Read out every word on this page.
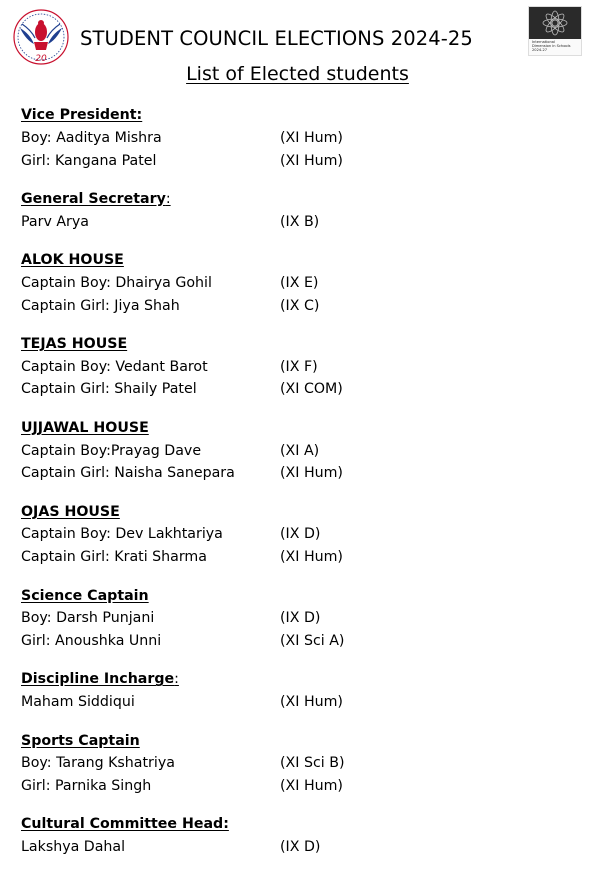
20
STUDENT COUNCIL ELECTIONS 2024-25	International
Dimension in Schools
2024-27
List of Elected students
Vice President:
Boy: Aaditya Mishra	(XI Hum)
Girl: Kangana Patel	(XI Hum)
General Secretary:
Parv Arya	(IX B)
ALOK HOUSE
Captain Boy: Dhairya Gohil	(IX E)
Captain Girl: Jiya Shah	(IX C)
TEJAS HOUSE
Captain Boy: Vedant Barot	(IX F)
Captain Girl: Shaily Patel	(XI COM)
UJJAWAL HOUSE
Captain Boy:Prayag Dave	(XI A)
Captain Girl: Naisha Sanepara	(XI Hum)
OJAS HOUSE
Captain Boy: Dev Lakhtariya	(IX D)
Captain Girl: Krati Sharma	(XI Hum)
Science Captain
Boy: Darsh Punjani	(IX D)
Girl: Anoushka Unni	(XI Sci A)
Discipline Incharge:
Maham Siddiqui	(XI Hum)
Sports Captain
Boy: Tarang Kshatriya	(XI Sci B)
Girl: Parnika Singh	(XI Hum)
Cultural Committee Head:
Lakshya Dahal	(IX D)
